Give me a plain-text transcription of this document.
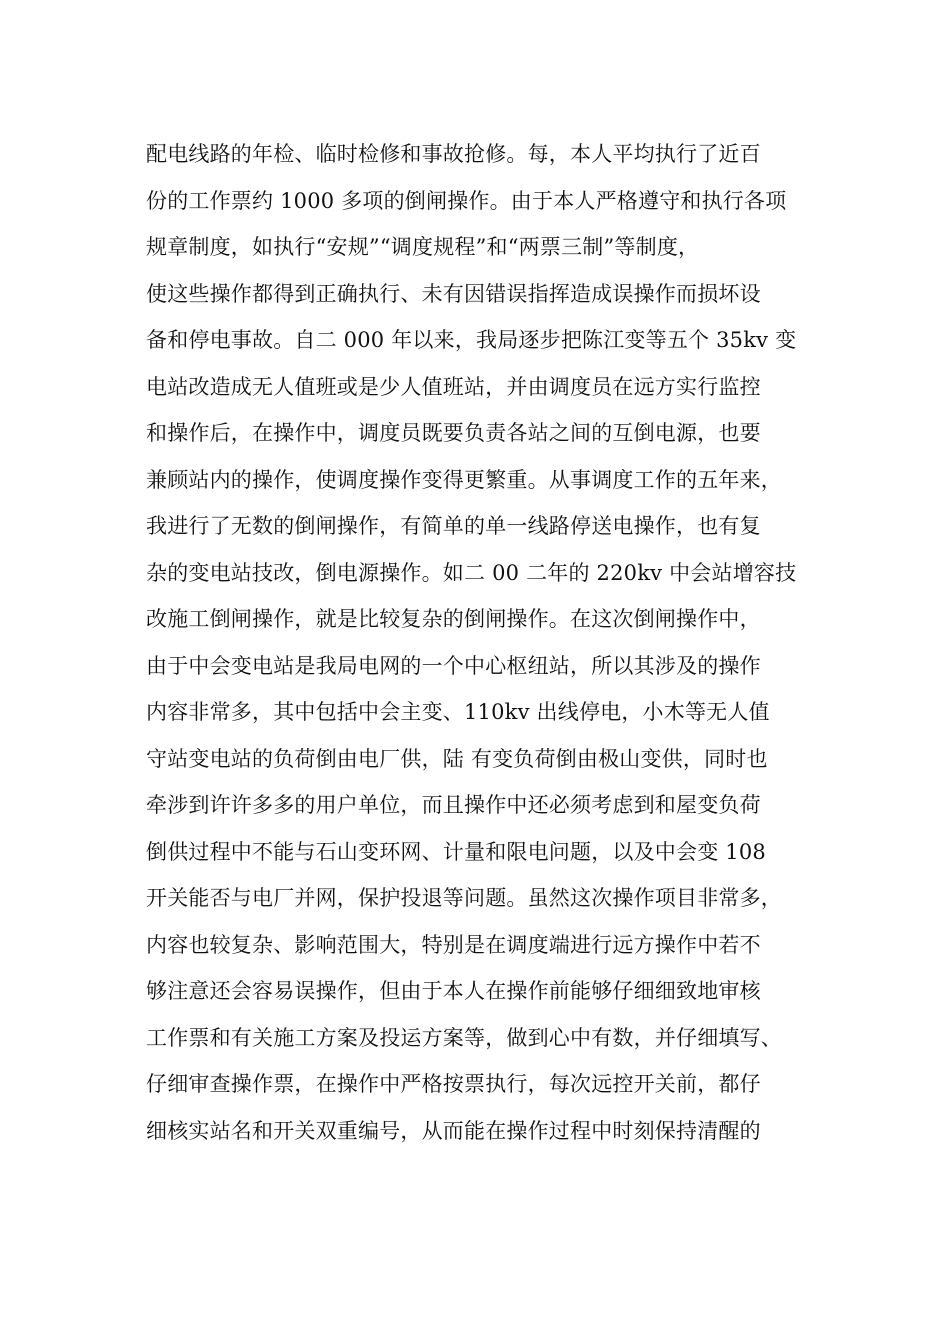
配电线路的年检、临时检修和事故抢修。每，本人平均执行了近百
份的工作票约 1000 多项的倒闸操作。由于本人严格遵守和执行各项
规章制度，如执行“安规”“调度规程”和“两票三制”等制度，
使这些操作都得到正确执行、未有因错误指挥造成误操作而损坏设
备和停电事故。自二 000 年以来，我局逐步把陈江变等五个 35kv 变
电站改造成无人值班或是少人值班站，并由调度员在远方实行监控
和操作后，在操作中，调度员既要负责各站之间的互倒电源，也要
兼顾站内的操作，使调度操作变得更繁重。从事调度工作的五年来，
我进行了无数的倒闸操作，有简单的单一线路停送电操作，也有复
杂的变电站技改，倒电源操作。如二 00 二年的 220kv 中会站增容技
改施工倒闸操作，就是比较复杂的倒闸操作。在这次倒闸操作中，
由于中会变电站是我局电网的一个中心枢纽站，所以其涉及的操作
内容非常多，其中包括中会主变、110kv 出线停电，小木等无人值
守站变电站的负荷倒由电厂供，陆 有变负荷倒由极山变供，同时也
牵涉到许许多多的用户单位，而且操作中还必须考虑到和屋变负荷
倒供过程中不能与石山变环网、计量和限电问题，以及中会变 108
开关能否与电厂并网，保护投退等问题。虽然这次操作项目非常多，
内容也较复杂、影响范围大，特别是在调度端进行远方操作中若不
够注意还会容易误操作，但由于本人在操作前能够仔细细致地审核
工作票和有关施工方案及投运方案等，做到心中有数，并仔细填写、
仔细审查操作票，在操作中严格按票执行，每次远控开关前，都仔
细核实站名和开关双重编号，从而能在操作过程中时刻保持清醒的
